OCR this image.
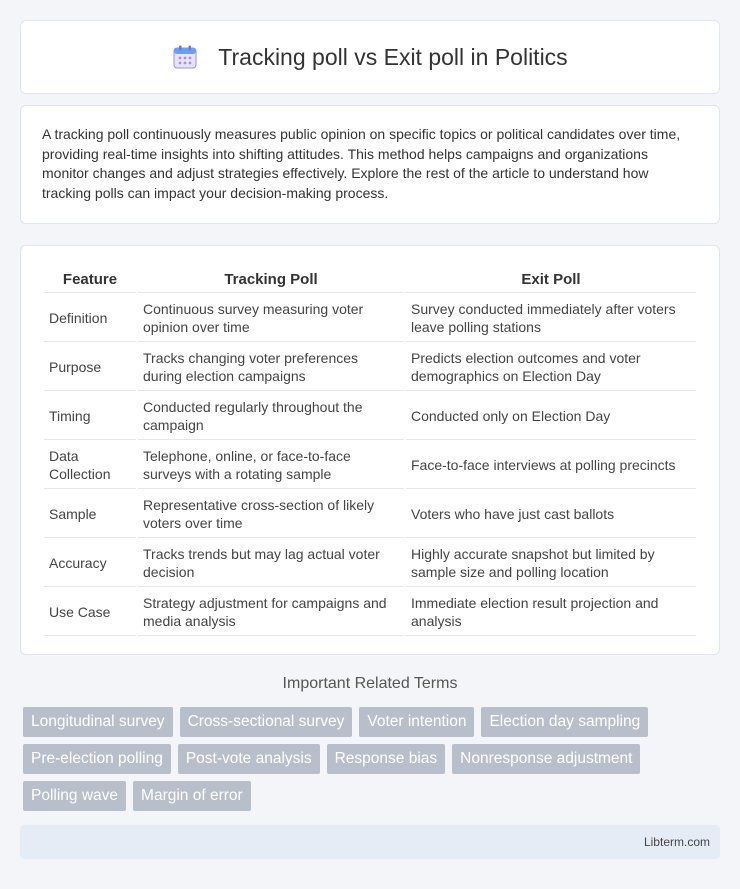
Tracking poll vs Exit poll in Politics

A tracking poll continuously measures public opinion on specific topics or political candidates over time, providing real-time insights into shifting attitudes. This method helps campaigns and organizations monitor changes and adjust strategies effectively. Explore the rest of the article to understand how tracking polls can impact your decision-making process.

Feature	Tracking Poll	Exit Poll
Definition	Continuous survey measuring voter opinion over time	Survey conducted immediately after voters leave polling stations
Purpose	Tracks changing voter preferences during election campaigns	Predicts election outcomes and voter demographics on Election Day
Timing	Conducted regularly throughout the campaign	Conducted only on Election Day
Data Collection	Telephone, online, or face-to-face surveys with a rotating sample	Face-to-face interviews at polling precincts
Sample	Representative cross-section of likely voters over time	Voters who have just cast ballots
Accuracy	Tracks trends but may lag actual voter decision	Highly accurate snapshot but limited by sample size and polling location
Use Case	Strategy adjustment for campaigns and media analysis	Immediate election result projection and analysis
Important Related Terms
Longitudinal survey	Cross-sectional survey	Voter intention	Election day sampling
Pre-election polling	Post-vote analysis	Response bias	Nonresponse adjustment
Polling wave	Margin of error
Libterm.com
